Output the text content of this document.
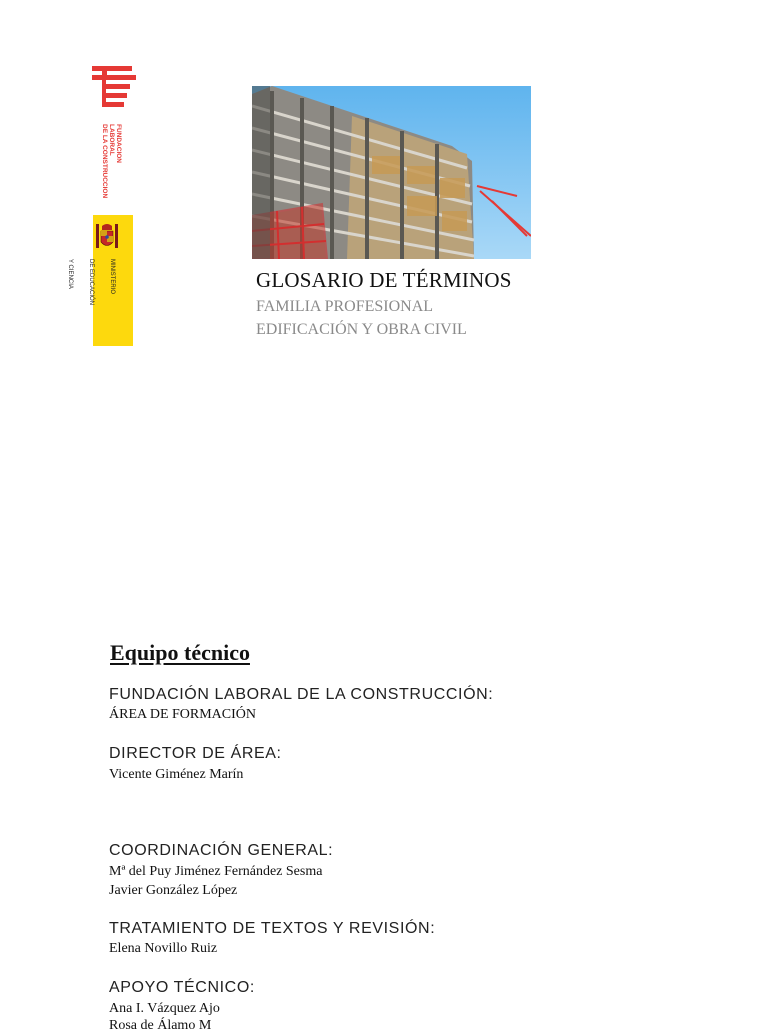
FUNDACION
LABORAL
DE LA CONSTRUCCION

MINISTERIO

DE EDUCACIÓN

Y CIENCIA

	GLOSARIO DE TÉRMINOS
FAMILIA PROFESIONAL
EDIFICACIÓN Y OBRA CIVIL
Equipo técnico
FUNDACIÓN LABORAL DE LA CONSTRUCCIÓN:
ÁREA DE FORMACIÓN
DIRECTOR DE ÁREA:
Vicente Giménez Marín
COORDINACIÓN GENERAL:
Mª del Puy Jiménez Fernández Sesma
Javier González López
TRATAMIENTO DE TEXTOS Y REVISIÓN:
Elena Novillo Ruiz
APOYO TÉCNICO:
Ana I. Vázquez Ajo
Rosa de Álamo M
